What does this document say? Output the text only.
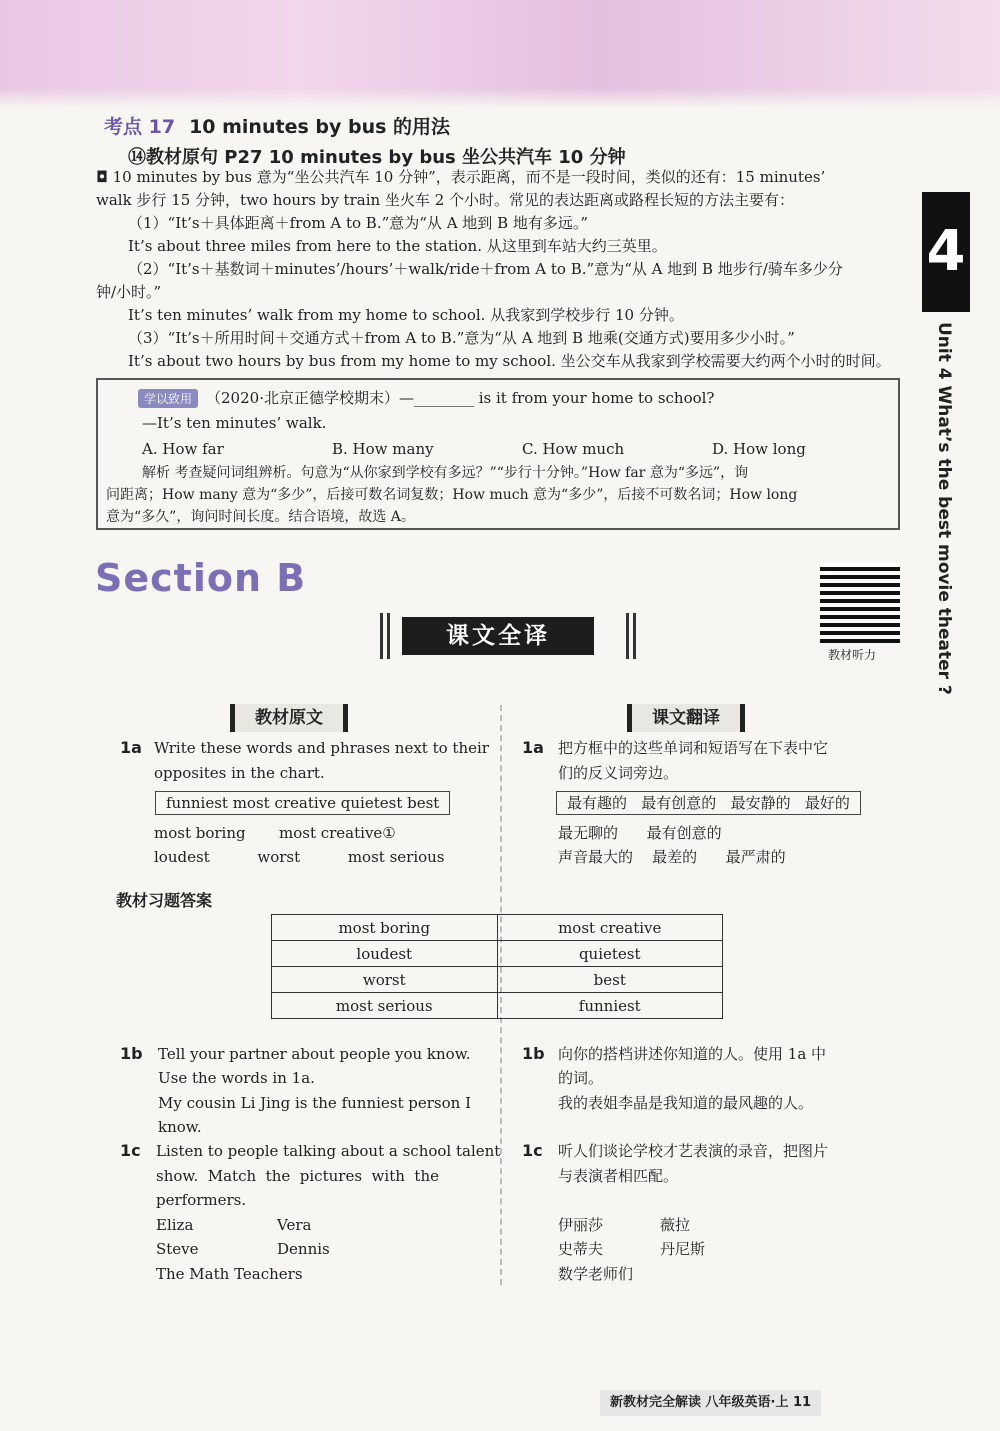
考点 17 10 minutes by bus 的用法
⑭教材原句 P27 10 minutes by bus 坐公共汽车 10 分钟
◘ 10 minutes by bus 意为“坐公共汽车 10 分钟”，表示距离，而不是一段时间，类似的还有：15 minutes’
walk 步行 15 分钟，two hours by train 坐火车 2 个小时。常见的表达距离或路程长短的方法主要有：
（1）“It’s＋具体距离＋from A to B.”意为“从 A 地到 B 地有多远。”
It’s about three miles from here to the station. 从这里到车站大约三英里。
（2）“It’s＋基数词＋minutes’/hours’＋walk/ride＋from A to B.”意为“从 A 地到 B 地步行/骑车多少分
钟/小时。”
It’s ten minutes’ walk from my home to school. 从我家到学校步行 10 分钟。
（3）“It’s＋所用时间＋交通方式＋from A to B.”意为“从 A 地到 B 地乘(交通方式)要用多少小时。”
It’s about two hours by bus from my home to my school. 坐公交车从我家到学校需要大约两个小时的时间。
学以致用 （2020·北京正德学校期末）—________ is it from your home to school?
—It’s ten minutes’ walk.
A. How far	B. How many	C. How much	D. How long
解析 考查疑问词组辨析。句意为“从你家到学校有多远？”“步行十分钟。”How far 意为“多远”，询
问距离；How many 意为“多少”，后接可数名词复数；How much 意为“多少”，后接不可数名词；How long
意为“多久”，询问时间长度。结合语境，故选 A。
Section B
教材听力
课文全译
教材原文	课文翻译
1a Write these words and phrases next to their
opposites in the chart.
funniest most creative quietest best
most boring       most creative①
loudest          worst          most serious
1a 把方框中的这些单词和短语写在下表中它
们的反义词旁边。
最有趣的   最有创意的   最安静的   最好的
最无聊的      最有创意的
声音最大的    最差的      最严肃的
教材习题答案
most boring	most creative
loudest	quietest
worst	best
most serious	funniest
1b Tell your partner about people you know.
Use the words in 1a.
My cousin Li Jing is the funniest person I
know.
1b 向你的搭档讲述你知道的人。使用 1a 中
的词。
我的表姐李晶是我知道的最风趣的人。
1c Listen to people talking about a school talent
show.  Match  the  pictures  with  the
performers.
Eliza	Vera
Steve	Dennis
The Math Teachers
1c 听人们谈论学校才艺表演的录音，把图片
与表演者相匹配。
伊丽莎	薇拉
史蒂夫	丹尼斯
数学老师们
4
Unit 4 What’s the best movie theater ?
新教材完全解读 八年级英语·上 11
